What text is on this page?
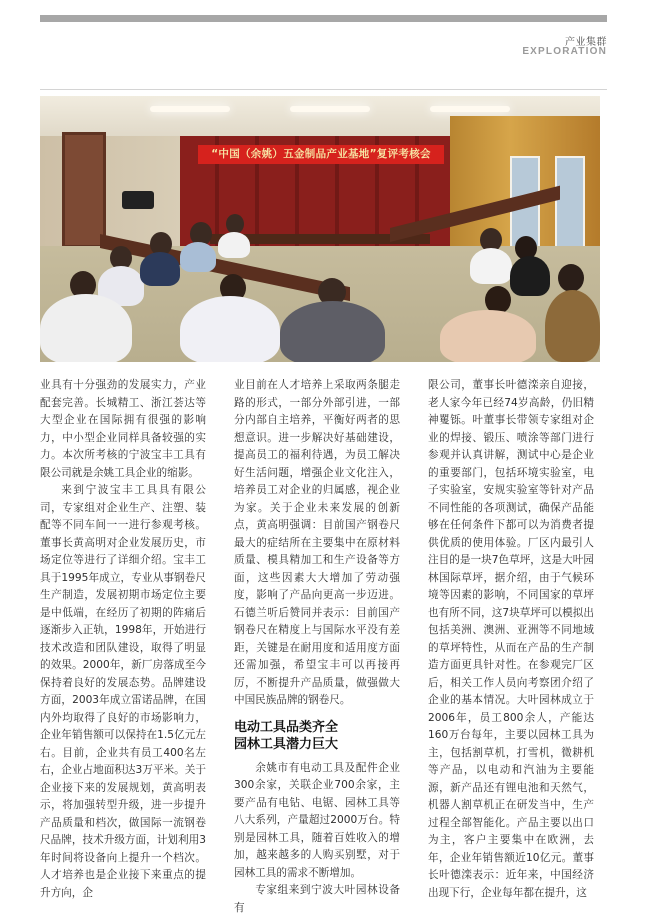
产业集群
EXPLORATION
“中国（余姚）五金制品产业基地”复评考核会

业具有十分强劲的发展实力，产业配套完善。长城精工、浙江荟达等大型企业在国际拥有很强的影响力，中小型企业同样具备较强的实力。本次所考核的宁波宝丰工具有限公司就是余姚工具企业的缩影。

来到宁波宝丰工具具有限公司，专家组对企业生产、注塑、装配等不同车间一一进行参观考核。董事长黄高明对企业发展历史，市场定位等进行了详细介绍。宝丰工具于1995年成立，专业从事钢卷尺生产制造，发展初期市场定位主要是中低端，在经历了初期的阵痛后逐渐步入正轨，1998年，开始进行技术改造和团队建设，取得了明显的效果。2000年，新厂房落成至今保持着良好的发展态势。品牌建设方面，2003年成立雷诺品牌，在国内外均取得了良好的市场影响力，企业年销售额可以保持在1.5亿元左右。目前，企业共有员工400名左右，企业占地面积达3万平米。关于企业接下来的发展规划，黄高明表示，将加强转型升级，进一步提升产品质量和档次，做国际一流钢卷尺品牌，技术升级方面，计划利用3年时间将设备向上提升一个档次。人才培养也是企业接下来重点的提升方向，企

业目前在人才培养上采取两条腿走路的形式，一部分外部引进，一部分内部自主培养，平衡好两者的思想意识。进一步解决好基础建设，提高员工的福利待遇，为员工解决好生活问题，增强企业文化注入，培养员工对企业的归属感，视企业为家。关于企业未来发展的创新点，黄高明强调：目前国产钢卷尺最大的症结所在主要集中在原材料质量、模具精加工和生产设备等方面，这些因素大大增加了劳动强度，影响了产品向更高一步迈进。石德兰听后赞同并表示：目前国产钢卷尺在精度上与国际水平没有差距，关键是在耐用度和适用度方面还需加强，希望宝丰可以再接再厉，不断提升产品质量，做强做大中国民族品牌的钢卷尺。

电动工具品类齐全
园林工具潜力巨大

余姚市有电动工具及配件企业300余家，关联企业700余家，主要产品有电钻、电锯、园林工具等八大系列，产量超过2000万台。特别是园林工具，随着百姓收入的增加，越来越多的人购买别墅，对于园林工具的需求不断增加。

专家组来到宁波大叶园林设备有

限公司，董事长叶德滦亲自迎接，老人家今年已经74岁高龄，仍旧精神矍铄。叶董事长带领专家组对企业的焊接、锻压、喷涂等部门进行参观并认真讲解，测试中心是企业的重要部门，包括环境实验室，电子实验室，安规实验室等针对产品不同性能的各项测试，确保产品能够在任何条件下都可以为消费者提供优质的使用体验。厂区内最引人注目的是一块7色草坪，这是大叶园林国际草坪，据介绍，由于气候环境等因素的影响，不同国家的草坪也有所不同，这7块草坪可以模拟出包括美洲、澳洲、亚洲等不同地域的草坪特性，从而在产品的生产制造方面更具针对性。在参观完厂区后，相关工作人员向考察团介绍了企业的基本情况。大叶园林成立于2006年，员工800余人，产能达160万台每年，主要以园林工具为主，包括割草机，打雪机，微耕机等产品，以电动和汽油为主要能源，新产品还有锂电池和天然气，机器人割草机正在研发当中，生产过程全部智能化。产品主要以出口为主，客户主要集中在欧洲，去年，企业年销售额近10亿元。董事长叶德滦表示：近年来，中国经济出现下行，企业每年都在提升，这
